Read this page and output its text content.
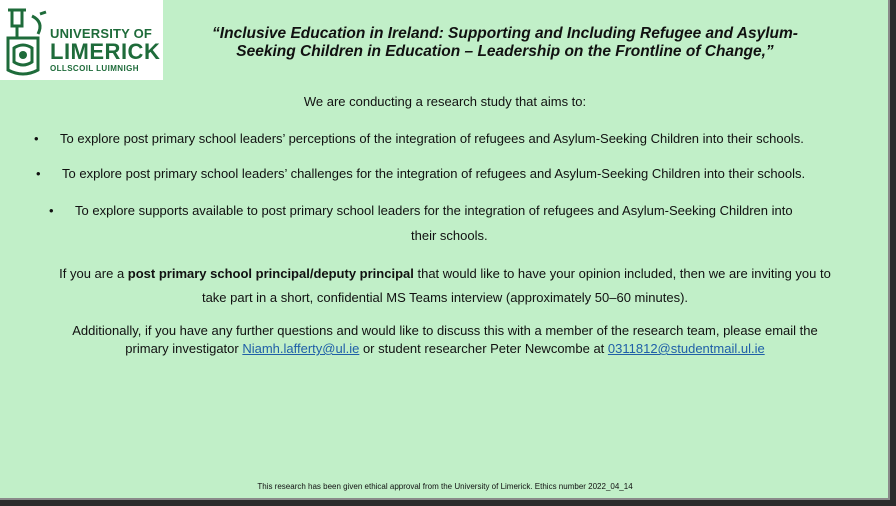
UNIVERSITY OF
LIMERICK
OLLSCOIL LUIMNIGH
“Inclusive Education in Ireland: Supporting and Including Refugee and Asylum-Seeking Children in Education – Leadership on the Frontline of Change,”
We are conducting a research study that aims to:
• To explore post primary school leaders’ perceptions of the integration of refugees and Asylum-Seeking Children into their schools.
• To explore post primary school leaders’ challenges for the integration of refugees and Asylum-Seeking Children into their schools.
• To explore supports available to post primary school leaders for the integration of refugees and Asylum-Seeking Children into
their schools.
If you are a post primary school principal/deputy principal that would like to have your opinion included, then we are inviting you to
take part in a short, confidential MS Teams interview (approximately 50–60 minutes).
Additionally, if you have any further questions and would like to discuss this with a member of the research team, please email the
primary investigator Niamh.lafferty@ul.ie or student researcher Peter Newcombe at 0311812@studentmail.ul.ie
This research has been given ethical approval from the University of Limerick. Ethics number 2022_04_14
